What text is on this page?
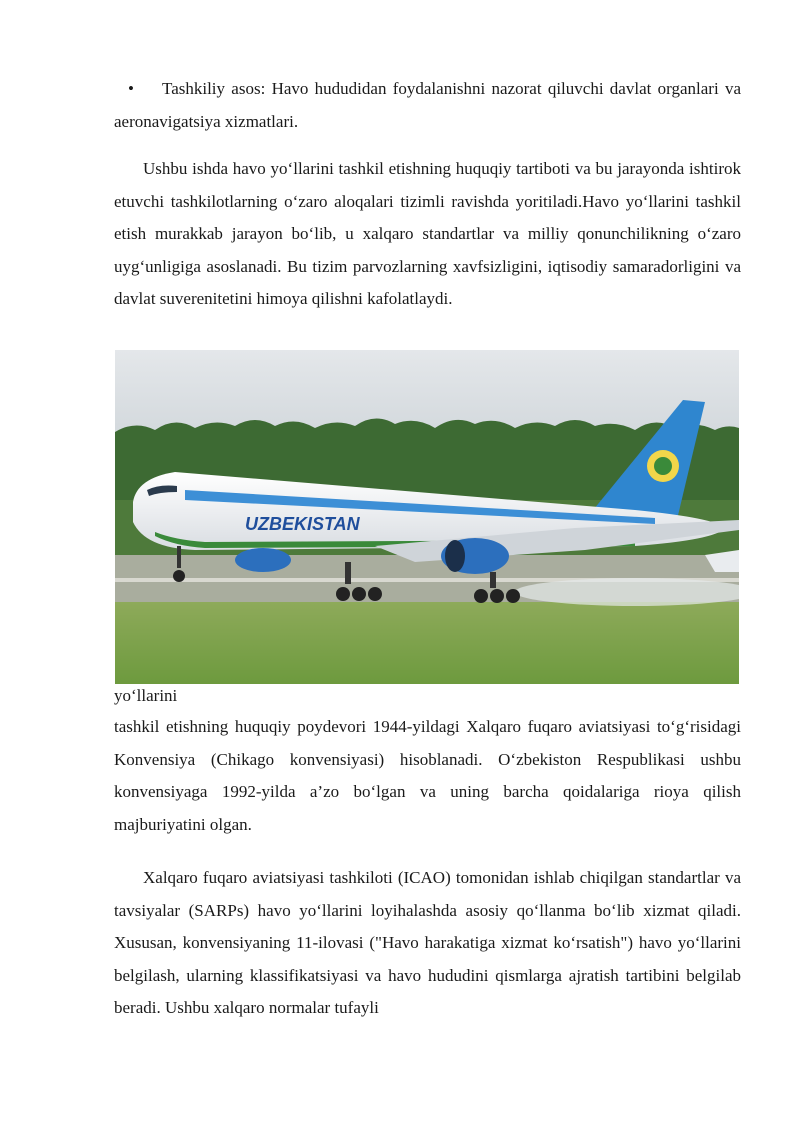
•	Tashkiliy asos: Havo hududidan foydalanishni nazorat qiluvchi davlat organlari va aeronavigatsiya xizmatlari.
Ushbu ishda havo yo‘llarini tashkil etishning huquqiy tartiboti va bu jarayonda ishtirok etuvchi tashkilotlarning o‘zaro aloqalari tizimli ravishda yoritiladi.Havo yo‘llarini tashkil etish murakkab jarayon bo‘lib, u xalqaro standartlar va milliy qonunchilikning o‘zaro uyg‘unligiga asoslanadi. Bu tizim parvozlarning xavfsizligini, iqtisodiy samaradorligini va davlat suverenitetini himoya qilishni kafolatlaydi.
UZBEKISTAN
yo‘llarini
tashkil etishning huquqiy poydevori 1944-yildagi Xalqaro fuqaro aviatsiyasi to‘g‘risidagi Konvensiya (Chikago konvensiyasi) hisoblanadi. O‘zbekiston Respublikasi ushbu konvensiyaga 1992-yilda a’zo bo‘lgan va uning barcha qoidalariga rioya qilish majburiyatini olgan.
Xalqaro fuqaro aviatsiyasi tashkiloti (ICAO) tomonidan ishlab chiqilgan standartlar va tavsiyalar (SARPs) havo yo‘llarini loyihalashda asosiy qo‘llanma bo‘lib xizmat qiladi. Xususan, konvensiyaning 11-ilovasi ("Havo harakatiga xizmat ko‘rsatish") havo yo‘llarini belgilash, ularning klassifikatsiyasi va havo hududini qismlarga ajratish tartibini belgilab beradi. Ushbu xalqaro normalar tufayli
